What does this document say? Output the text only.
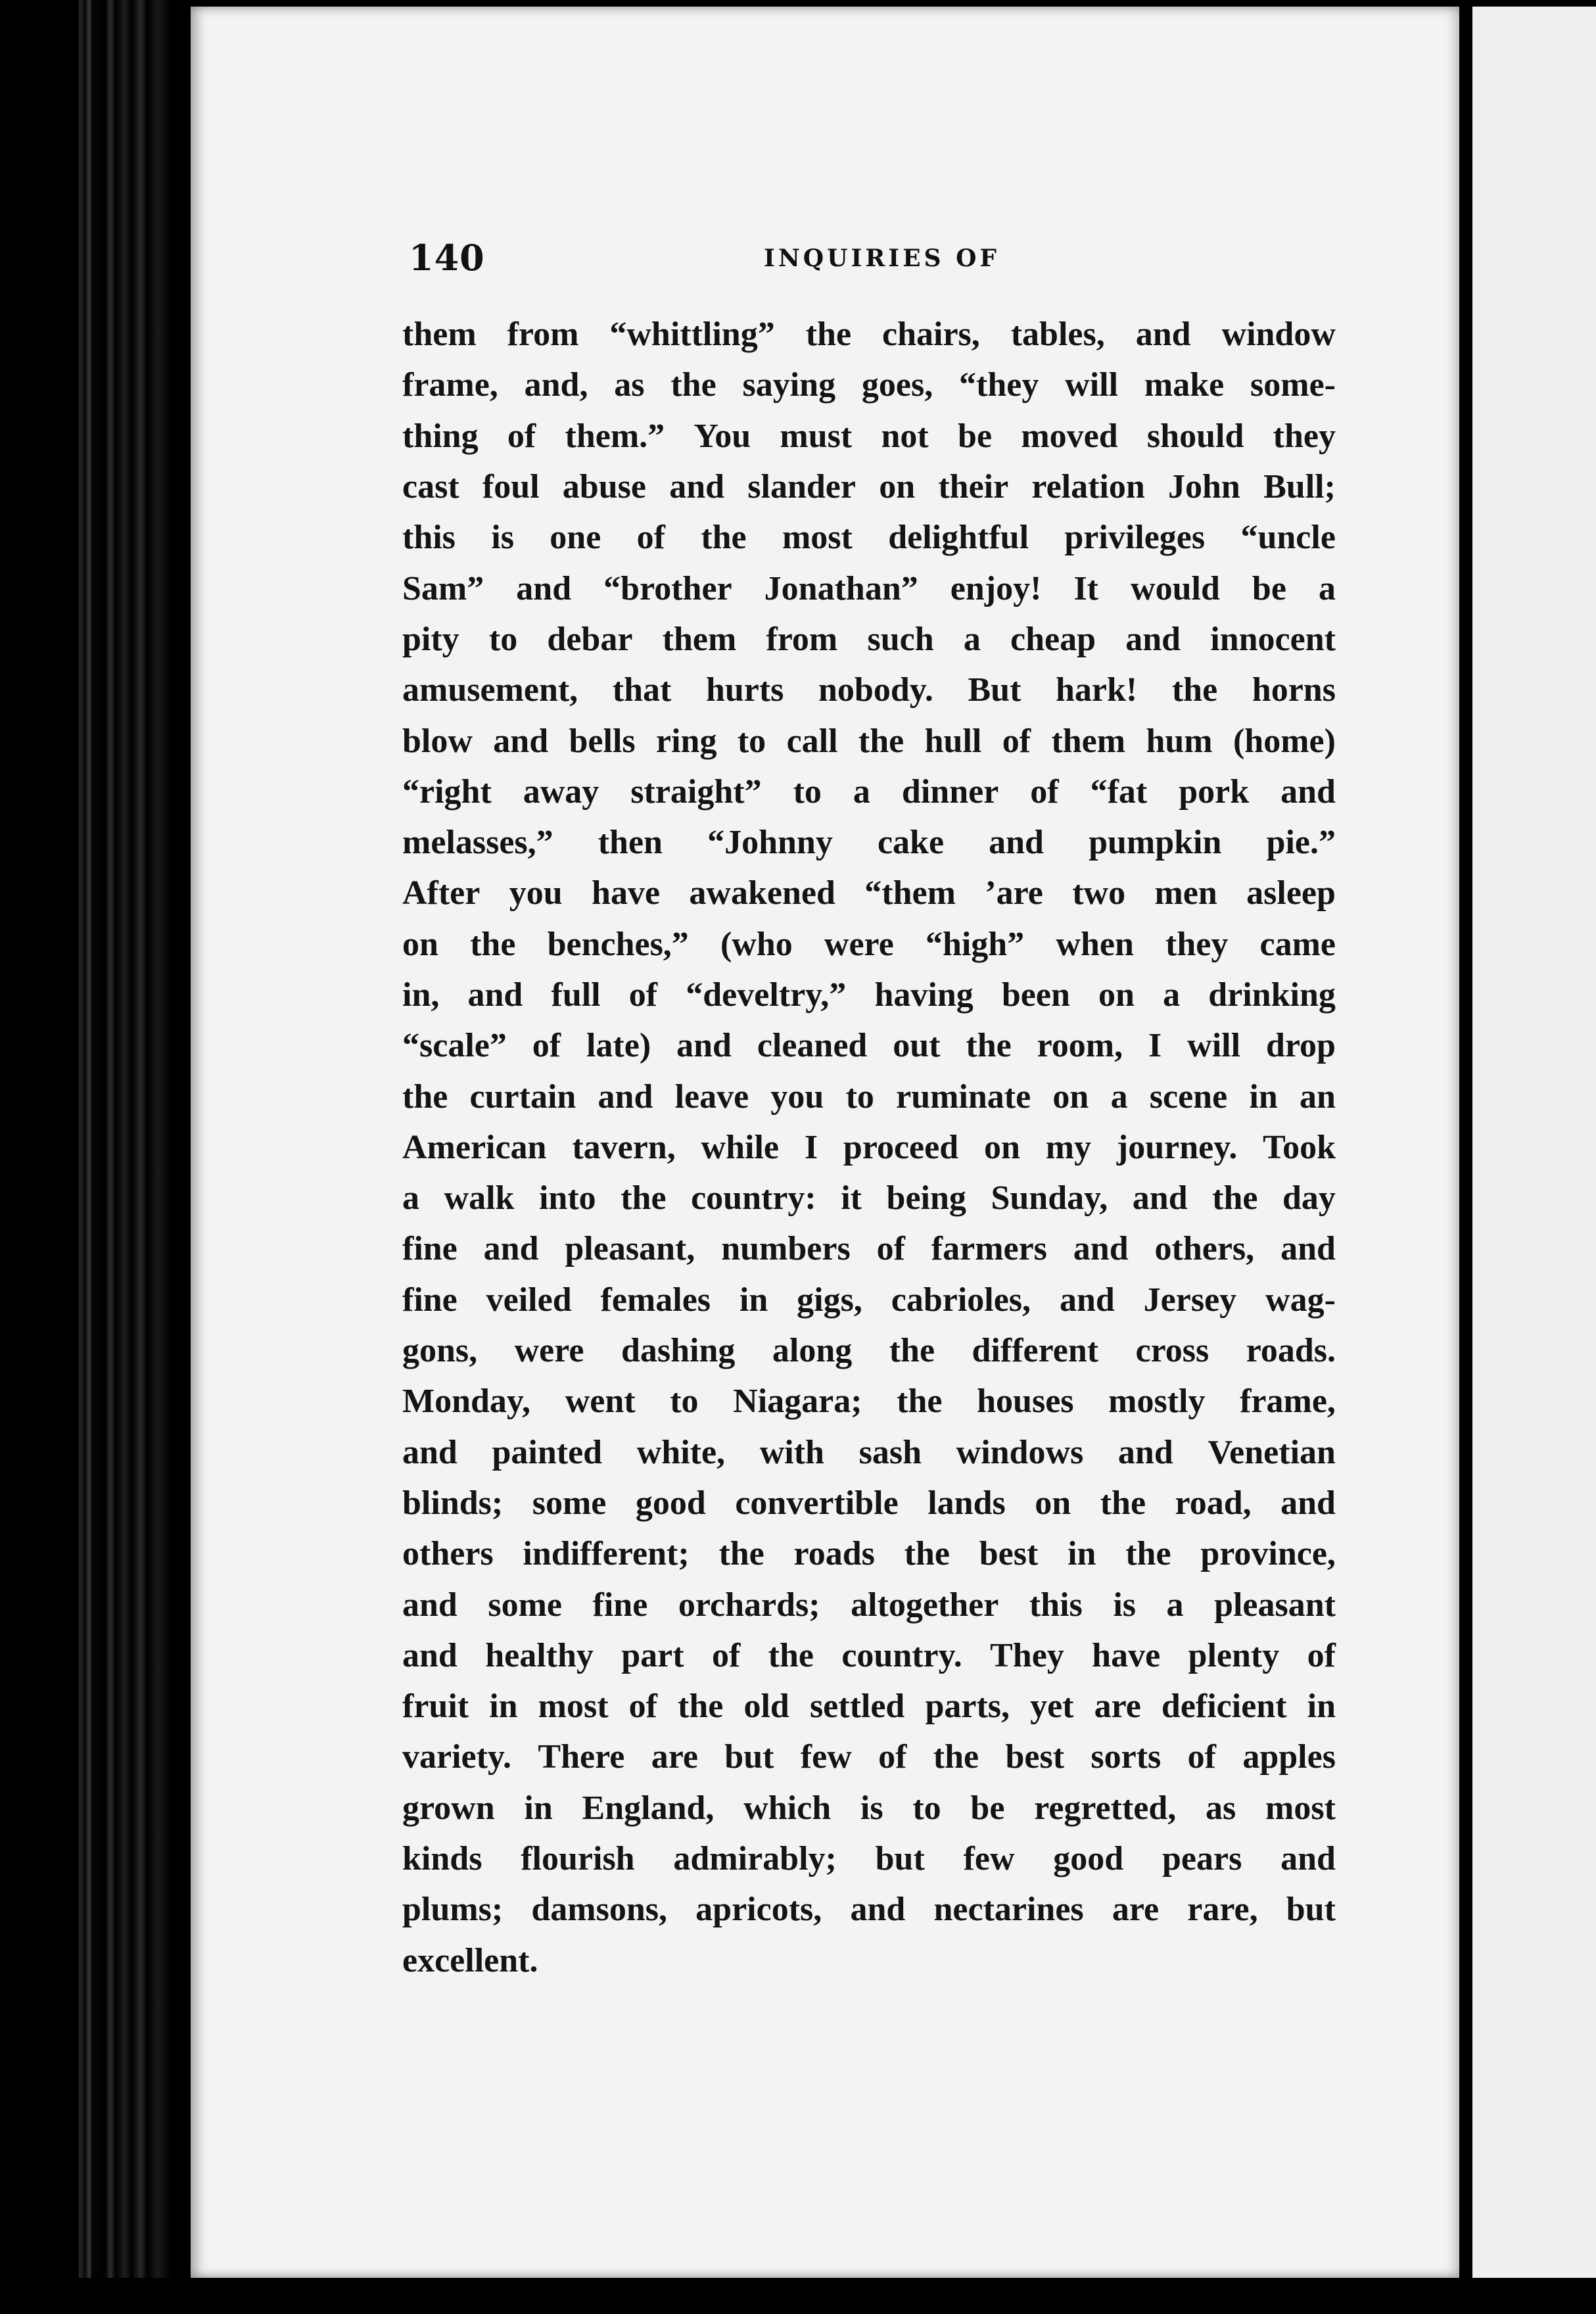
140	INQUIRIES OF
them from “whittling” the chairs, tables, and window
frame, and, as the saying goes, “they will make some-
thing of them.” You must not be moved should they
cast foul abuse and slander on their relation John Bull;
this is one of the most delightful privileges “uncle
Sam” and “brother Jonathan” enjoy! It would be a
pity to debar them from such a cheap and innocent
amusement, that hurts nobody. But hark! the horns
blow and bells ring to call the hull of them hum (home)
“right away straight” to a dinner of “fat pork and
melasses,” then “Johnny cake and pumpkin pie.”
After you have awakened “them ’are two men asleep
on the benches,” (who were “high” when they came
in, and full of “develtry,” having been on a drinking
“scale” of late) and cleaned out the room, I will drop
the curtain and leave you to ruminate on a scene in an
American tavern, while I proceed on my journey. Took
a walk into the country: it being Sunday, and the day
fine and pleasant, numbers of farmers and others, and
fine veiled females in gigs, cabrioles, and Jersey wag-
gons, were dashing along the different cross roads.
Monday, went to Niagara; the houses mostly frame,
and painted white, with sash windows and Venetian
blinds; some good convertible lands on the road, and
others indifferent; the roads the best in the province,
and some fine orchards; altogether this is a pleasant
and healthy part of the country. They have plenty of
fruit in most of the old settled parts, yet are deficient in
variety. There are but few of the best sorts of apples
grown in England, which is to be regretted, as most
kinds flourish admirably; but few good pears and
plums; damsons, apricots, and nectarines are rare, but
excellent.
